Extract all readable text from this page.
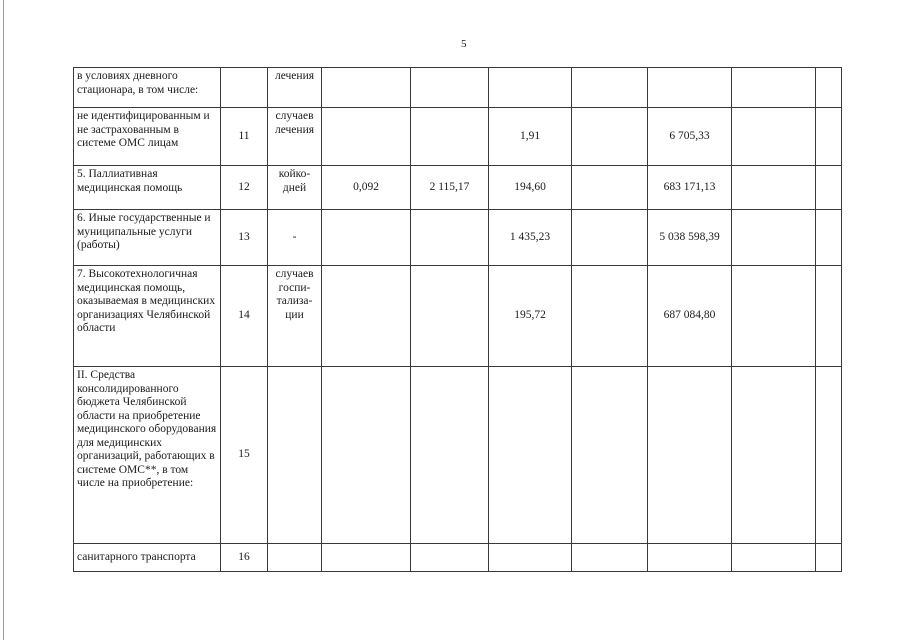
5
в условиях дневного стационара, в том числе:		лечения							
не идентифицированным и не застрахованным в системе ОМС лицам	11	случаев лечения			1,91		6 705,33		
5. Паллиативная медицинская помощь	12	койко-дней	0,092	2 115,17	194,60		683 171,13		
6. Иные государственные и муниципальные услуги (работы)	13	-			1 435,23		5 038 598,39		
7. Высокотехнологичная медицинская помощь, оказываемая в медицинских организациях Челябинской области	14	случаев госпи-тализа-ции			195,72		687 084,80		
II. Средства консолидированного бюджета Челябинской области на приобретение медицинского оборудования для медицинских организаций, работающих в системе ОМС**, в том числе на приобретение:	15								
санитарного транспорта	16								
